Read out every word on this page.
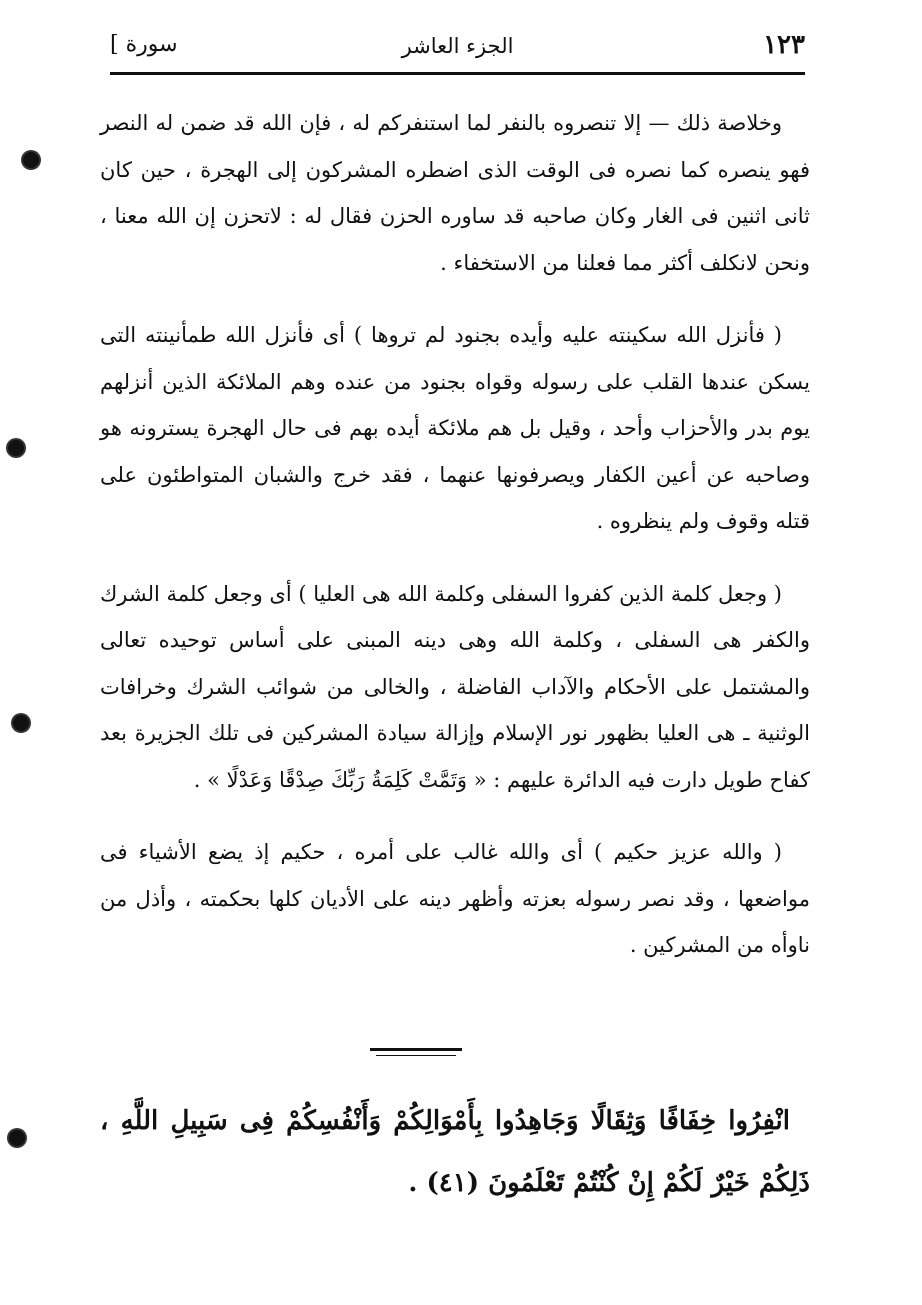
١٢٣
الجزء العاشر
سورة ]

وخلاصة ذلك — إلا تنصروه بالنفر لما استنفركم له ، فإن الله قد ضمن له النصر فهو ينصره كما نصره فى الوقت الذى اضطره المشركون إلى الهجرة ، حين كان ثانى اثنين فى الغار وكان صاحبه قد ساوره الحزن فقال له : لاتحزن إن الله معنا ، ونحن لانكلف أكثر مما فعلنا من الاستخفاء .

( فأنزل الله سكينته عليه وأيده بجنود لم تروها ) أى فأنزل الله طمأنينته التى يسكن عندها القلب على رسوله وقواه بجنود من عنده وهم الملائكة الذين أنزلهم يوم بدر والأحزاب وأحد ، وقيل بل هم ملائكة أيده بهم فى حال الهجرة يسترونه هو وصاحبه عن أعين الكفار ويصرفونها عنهما ، فقد خرج والشبان المتواطئون على قتله وقوف ولم ينظروه .

( وجعل كلمة الذين كفروا السفلى وكلمة الله هى العليا ) أى وجعل كلمة الشرك والكفر هى السفلى ، وكلمة الله وهى دينه المبنى على أساس توحيده تعالى والمشتمل على الأحكام والآداب الفاضلة ، والخالى من شوائب الشرك وخرافات الوثنية ـ هى العليا بظهور نور الإسلام وإزالة سيادة المشركين فى تلك الجزيرة بعد كفاح طويل دارت فيه الدائرة عليهم : « وَتَمَّتْ كَلِمَةُ رَبِّكَ صِدْقًا وَعَدْلًا » .

( والله عزيز حكيم ) أى والله غالب على أمره ، حكيم إذ يضع الأشياء فى مواضعها ، وقد نصر رسوله بعزته وأظهر دينه على الأديان كلها بحكمته ، وأذل من ناوأه من المشركين .

انْفِرُوا خِفَافًا وَثِقَالًا وَجَاهِدُوا بِأَمْوَالِكُمْ وَأَنْفُسِكُمْ فِى سَبِيلِ اللَّهِ ، ذَلِكُمْ خَيْرٌ لَكُمْ إِنْ كُنْتُمْ تَعْلَمُونَ (٤١) .
